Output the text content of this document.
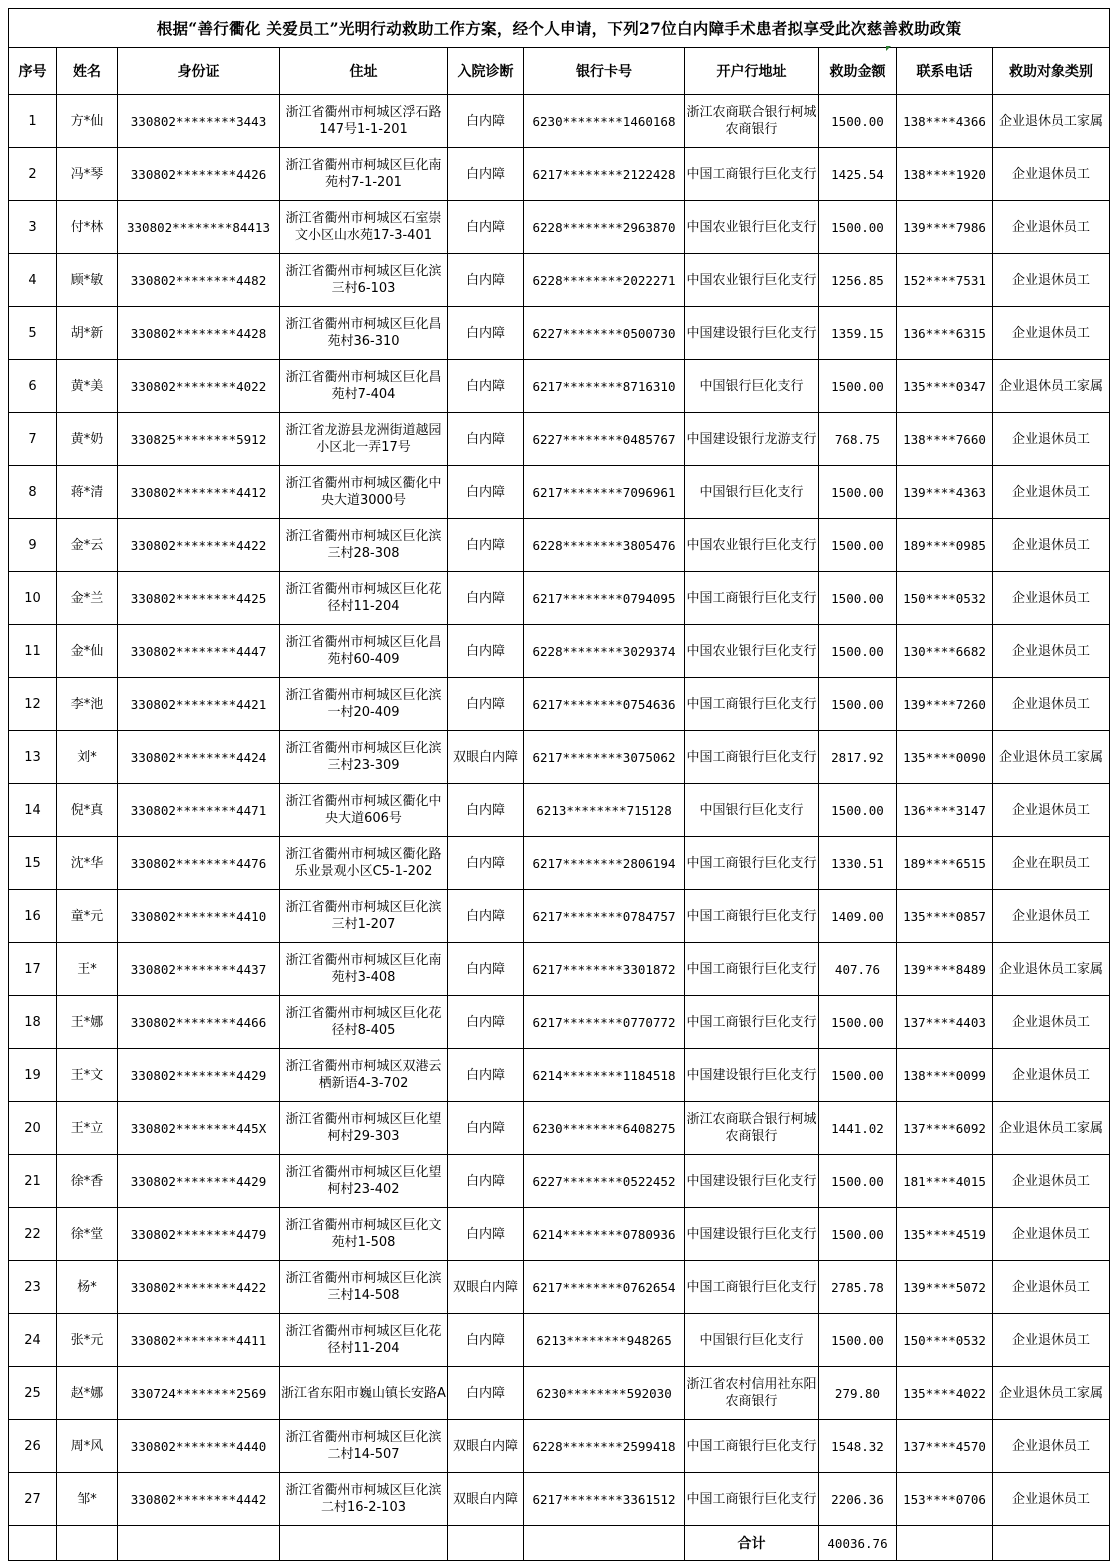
根据“善行衢化 关爱员工”光明行动救助工作方案，经个人申请，下列27位白内障手术患者拟享受此次慈善救助政策									
序号	姓名	身份证	住址	入院诊断	银行卡号	开户行地址	救助金额	联系电话	救助对象类别
1	方*仙	330802********3443	浙江省衢州市柯城区浮石路147号1-1-201	白内障	6230********1460168	浙江农商联合银行柯城农商银行	1500.00	138****4366	企业退休员工家属
2	冯*琴	330802********4426	浙江省衢州市柯城区巨化南苑村7-1-201	白内障	6217********2122428	中国工商银行巨化支行	1425.54	138****1920	企业退休员工
3	付*林	330802********84413	浙江省衢州市柯城区石室崇文小区山水苑17-3-401	白内障	6228********2963870	中国农业银行巨化支行	1500.00	139****7986	企业退休员工
4	顾*敏	330802********4482	浙江省衢州市柯城区巨化滨三村6-103	白内障	6228********2022271	中国农业银行巨化支行	1256.85	152****7531	企业退休员工
5	胡*新	330802********4428	浙江省衢州市柯城区巨化昌苑村36-310	白内障	6227********0500730	中国建设银行巨化支行	1359.15	136****6315	企业退休员工
6	黄*美	330802********4022	浙江省衢州市柯城区巨化昌苑村7-404	白内障	6217********8716310	中国银行巨化支行	1500.00	135****0347	企业退休员工家属
7	黄*奶	330825********5912	浙江省龙游县龙洲街道越园小区北一弄17号	白内障	6227********0485767	中国建设银行龙游支行	768.75	138****7660	企业退休员工
8	蒋*清	330802********4412	浙江省衢州市柯城区衢化中央大道3000号	白内障	6217********7096961	中国银行巨化支行	1500.00	139****4363	企业退休员工
9	金*云	330802********4422	浙江省衢州市柯城区巨化滨三村28-308	白内障	6228********3805476	中国农业银行巨化支行	1500.00	189****0985	企业退休员工
10	金*兰	330802********4425	浙江省衢州市柯城区巨化花径村11-204	白内障	6217********0794095	中国工商银行巨化支行	1500.00	150****0532	企业退休员工
11	金*仙	330802********4447	浙江省衢州市柯城区巨化昌苑村60-409	白内障	6228********3029374	中国农业银行巨化支行	1500.00	130****6682	企业退休员工
12	李*池	330802********4421	浙江省衢州市柯城区巨化滨一村20-409	白内障	6217********0754636	中国工商银行巨化支行	1500.00	139****7260	企业退休员工
13	刘*	330802********4424	浙江省衢州市柯城区巨化滨三村23-309	双眼白内障	6217********3075062	中国工商银行巨化支行	2817.92	135****0090	企业退休员工家属
14	倪*真	330802********4471	浙江省衢州市柯城区衢化中央大道606号	白内障	6213********715128	中国银行巨化支行	1500.00	136****3147	企业退休员工
15	沈*华	330802********4476	浙江省衢州市柯城区衢化路乐业景观小区C5-1-202	白内障	6217********2806194	中国工商银行巨化支行	1330.51	189****6515	企业在职员工
16	童*元	330802********4410	浙江省衢州市柯城区巨化滨三村1-207	白内障	6217********0784757	中国工商银行巨化支行	1409.00	135****0857	企业退休员工
17	王*	330802********4437	浙江省衢州市柯城区巨化南苑村3-408	白内障	6217********3301872	中国工商银行巨化支行	407.76	139****8489	企业退休员工家属
18	王*娜	330802********4466	浙江省衢州市柯城区巨化花径村8-405	白内障	6217********0770772	中国工商银行巨化支行	1500.00	137****4403	企业退休员工
19	王*文	330802********4429	浙江省衢州市柯城区双港云栖新语4-3-702	白内障	6214********1184518	中国建设银行巨化支行	1500.00	138****0099	企业退休员工
20	王*立	330802********445X	浙江省衢州市柯城区巨化望柯村29-303	白内障	6230********6408275	浙江农商联合银行柯城农商银行	1441.02	137****6092	企业退休员工家属
21	徐*香	330802********4429	浙江省衢州市柯城区巨化望柯村23-402	白内障	6227********0522452	中国建设银行巨化支行	1500.00	181****4015	企业退休员工
22	徐*堂	330802********4479	浙江省衢州市柯城区巨化文苑村1-508	白内障	6214********0780936	中国建设银行巨化支行	1500.00	135****4519	企业退休员工
23	杨*	330802********4422	浙江省衢州市柯城区巨化滨三村14-508	双眼白内障	6217********0762654	中国工商银行巨化支行	2785.78	139****5072	企业退休员工
24	张*元	330802********4411	浙江省衢州市柯城区巨化花径村11-204	白内障	6213********948265	中国银行巨化支行	1500.00	150****0532	企业退休员工
25	赵*娜	330724********2569	浙江省东阳市巍山镇长安路A	白内障	6230********592030	浙江省农村信用社东阳农商银行	279.80	135****4022	企业退休员工家属
26	周*风	330802********4440	浙江省衢州市柯城区巨化滨二村14-507	双眼白内障	6228********2599418	中国工商银行巨化支行	1548.32	137****4570	企业退休员工
27	邹*	330802********4442	浙江省衢州市柯城区巨化滨二村16-2-103	双眼白内障	6217********3361512	中国工商银行巨化支行	2206.36	153****0706	企业退休员工
						合计	40036.76		
